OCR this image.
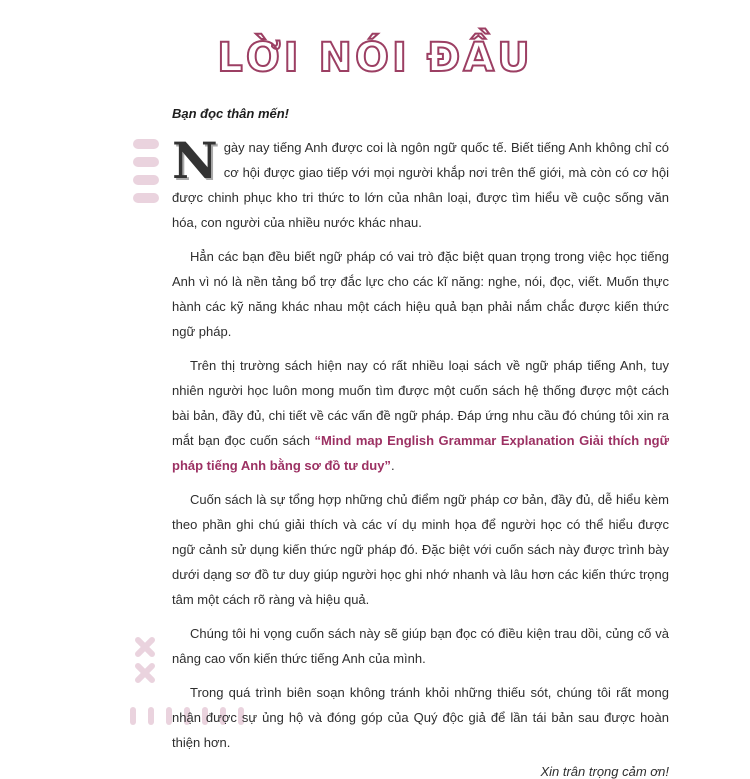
LỜI NÓI ĐẦU

Bạn đọc thân mến!

Ngày nay tiếng Anh được coi là ngôn ngữ quốc tế. Biết tiếng Anh không chỉ có cơ hội được giao tiếp với mọi người khắp nơi trên thế giới, mà còn có cơ hội được chinh phục kho tri thức to lớn của nhân loại, được tìm hiểu về cuộc sống văn hóa, con người của nhiều nước khác nhau.

Hẳn các bạn đều biết ngữ pháp có vai trò đặc biệt quan trọng trong việc học tiếng Anh vì nó là nền tảng bổ trợ đắc lực cho các kĩ năng: nghe, nói, đọc, viết. Muốn thực hành các kỹ năng khác nhau một cách hiệu quả bạn phải nắm chắc được kiến thức ngữ pháp.

Trên thị trường sách hiện nay có rất nhiều loại sách về ngữ pháp tiếng Anh, tuy nhiên người học luôn mong muốn tìm được một cuốn sách hệ thống được một cách bài bản, đầy đủ, chi tiết về các vấn đề ngữ pháp. Đáp ứng nhu cầu đó chúng tôi xin ra mắt bạn đọc cuốn sách “Mind map English Grammar Explanation Giải thích ngữ pháp tiếng Anh bằng sơ đồ tư duy”.

Cuốn sách là sự tổng hợp những chủ điểm ngữ pháp cơ bản, đầy đủ, dễ hiểu kèm theo phần ghi chú giải thích và các ví dụ minh họa để người học có thể hiểu được ngữ cảnh sử dụng kiến thức ngữ pháp đó. Đặc biệt với cuốn sách này được trình bày dưới dạng sơ đồ tư duy giúp người học ghi nhớ nhanh và lâu hơn các kiến thức trọng tâm một cách rõ ràng và hiệu quả.

Chúng tôi hi vọng cuốn sách này sẽ giúp bạn đọc có điều kiện trau dồi, củng cố và nâng cao vốn kiến thức tiếng Anh của mình.

Trong quá trình biên soạn không tránh khỏi những thiếu sót, chúng tôi rất mong nhận được sự ủng hộ và đóng góp của Quý độc giả để lần tái bản sau được hoàn thiện hơn.

Xin trân trọng cảm ơn!
